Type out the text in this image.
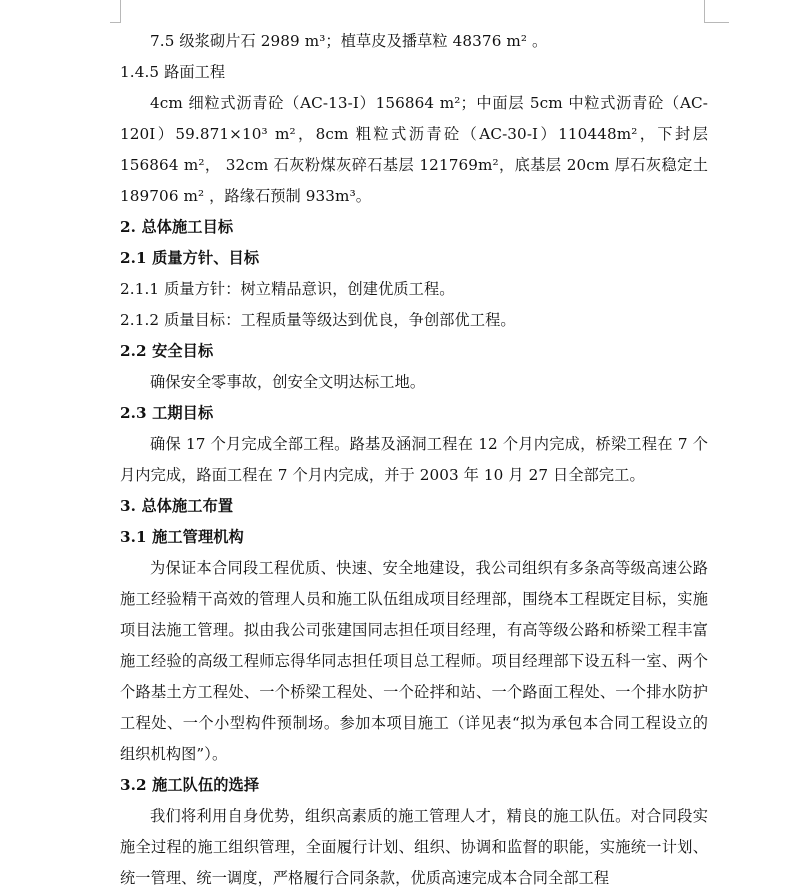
7.5 级浆砌片石 2989 m³；植草皮及播草粒 48376 m² 。

1.4.5 路面工程

4cm 细粒式沥青砼（AC-13-I）156864 m²；中面层 5cm 中粒式沥青砼（AC-120I）59.871×10³ m²，8cm 粗粒式沥青砼（AC-30-I）110448m²，下封层 156864 m²， 32cm 石灰粉煤灰碎石基层 121769m²，底基层 20cm 厚石灰稳定土 189706 m² ，路缘石预制 933m³。

2. 总体施工目标

2.1 质量方针、目标

2.1.1 质量方针：树立精品意识，创建优质工程。

2.1.2 质量目标：工程质量等级达到优良，争创部优工程。

2.2 安全目标

确保安全零事故，创安全文明达标工地。

2.3 工期目标

确保 17 个月完成全部工程。路基及涵洞工程在 12 个月内完成，桥梁工程在 7 个月内完成，路面工程在 7 个月内完成，并于 2003 年 10 月 27 日全部完工。

3. 总体施工布置

3.1 施工管理机构

为保证本合同段工程优质、快速、安全地建设，我公司组织有多条高等级高速公路施工经验精干高效的管理人员和施工队伍组成项目经理部，围绕本工程既定目标，实施项目法施工管理。拟由我公司张建国同志担任项目经理，有高等级公路和桥梁工程丰富施工经验的高级工程师忘得华同志担任项目总工程师。项目经理部下设五科一室、两个个路基土方工程处、一个桥梁工程处、一个砼拌和站、一个路面工程处、一个排水防护工程处、一个小型构件预制场。参加本项目施工（详见表“拟为承包本合同工程设立的组织机构图”）。

3.2 施工队伍的选择

我们将利用自身优势，组织高素质的施工管理人才，精良的施工队伍。对合同段实施全过程的施工组织管理，全面履行计划、组织、协调和监督的职能，实施统一计划、统一管理、统一调度，严格履行合同条款，优质高速完成本合同全部工程
